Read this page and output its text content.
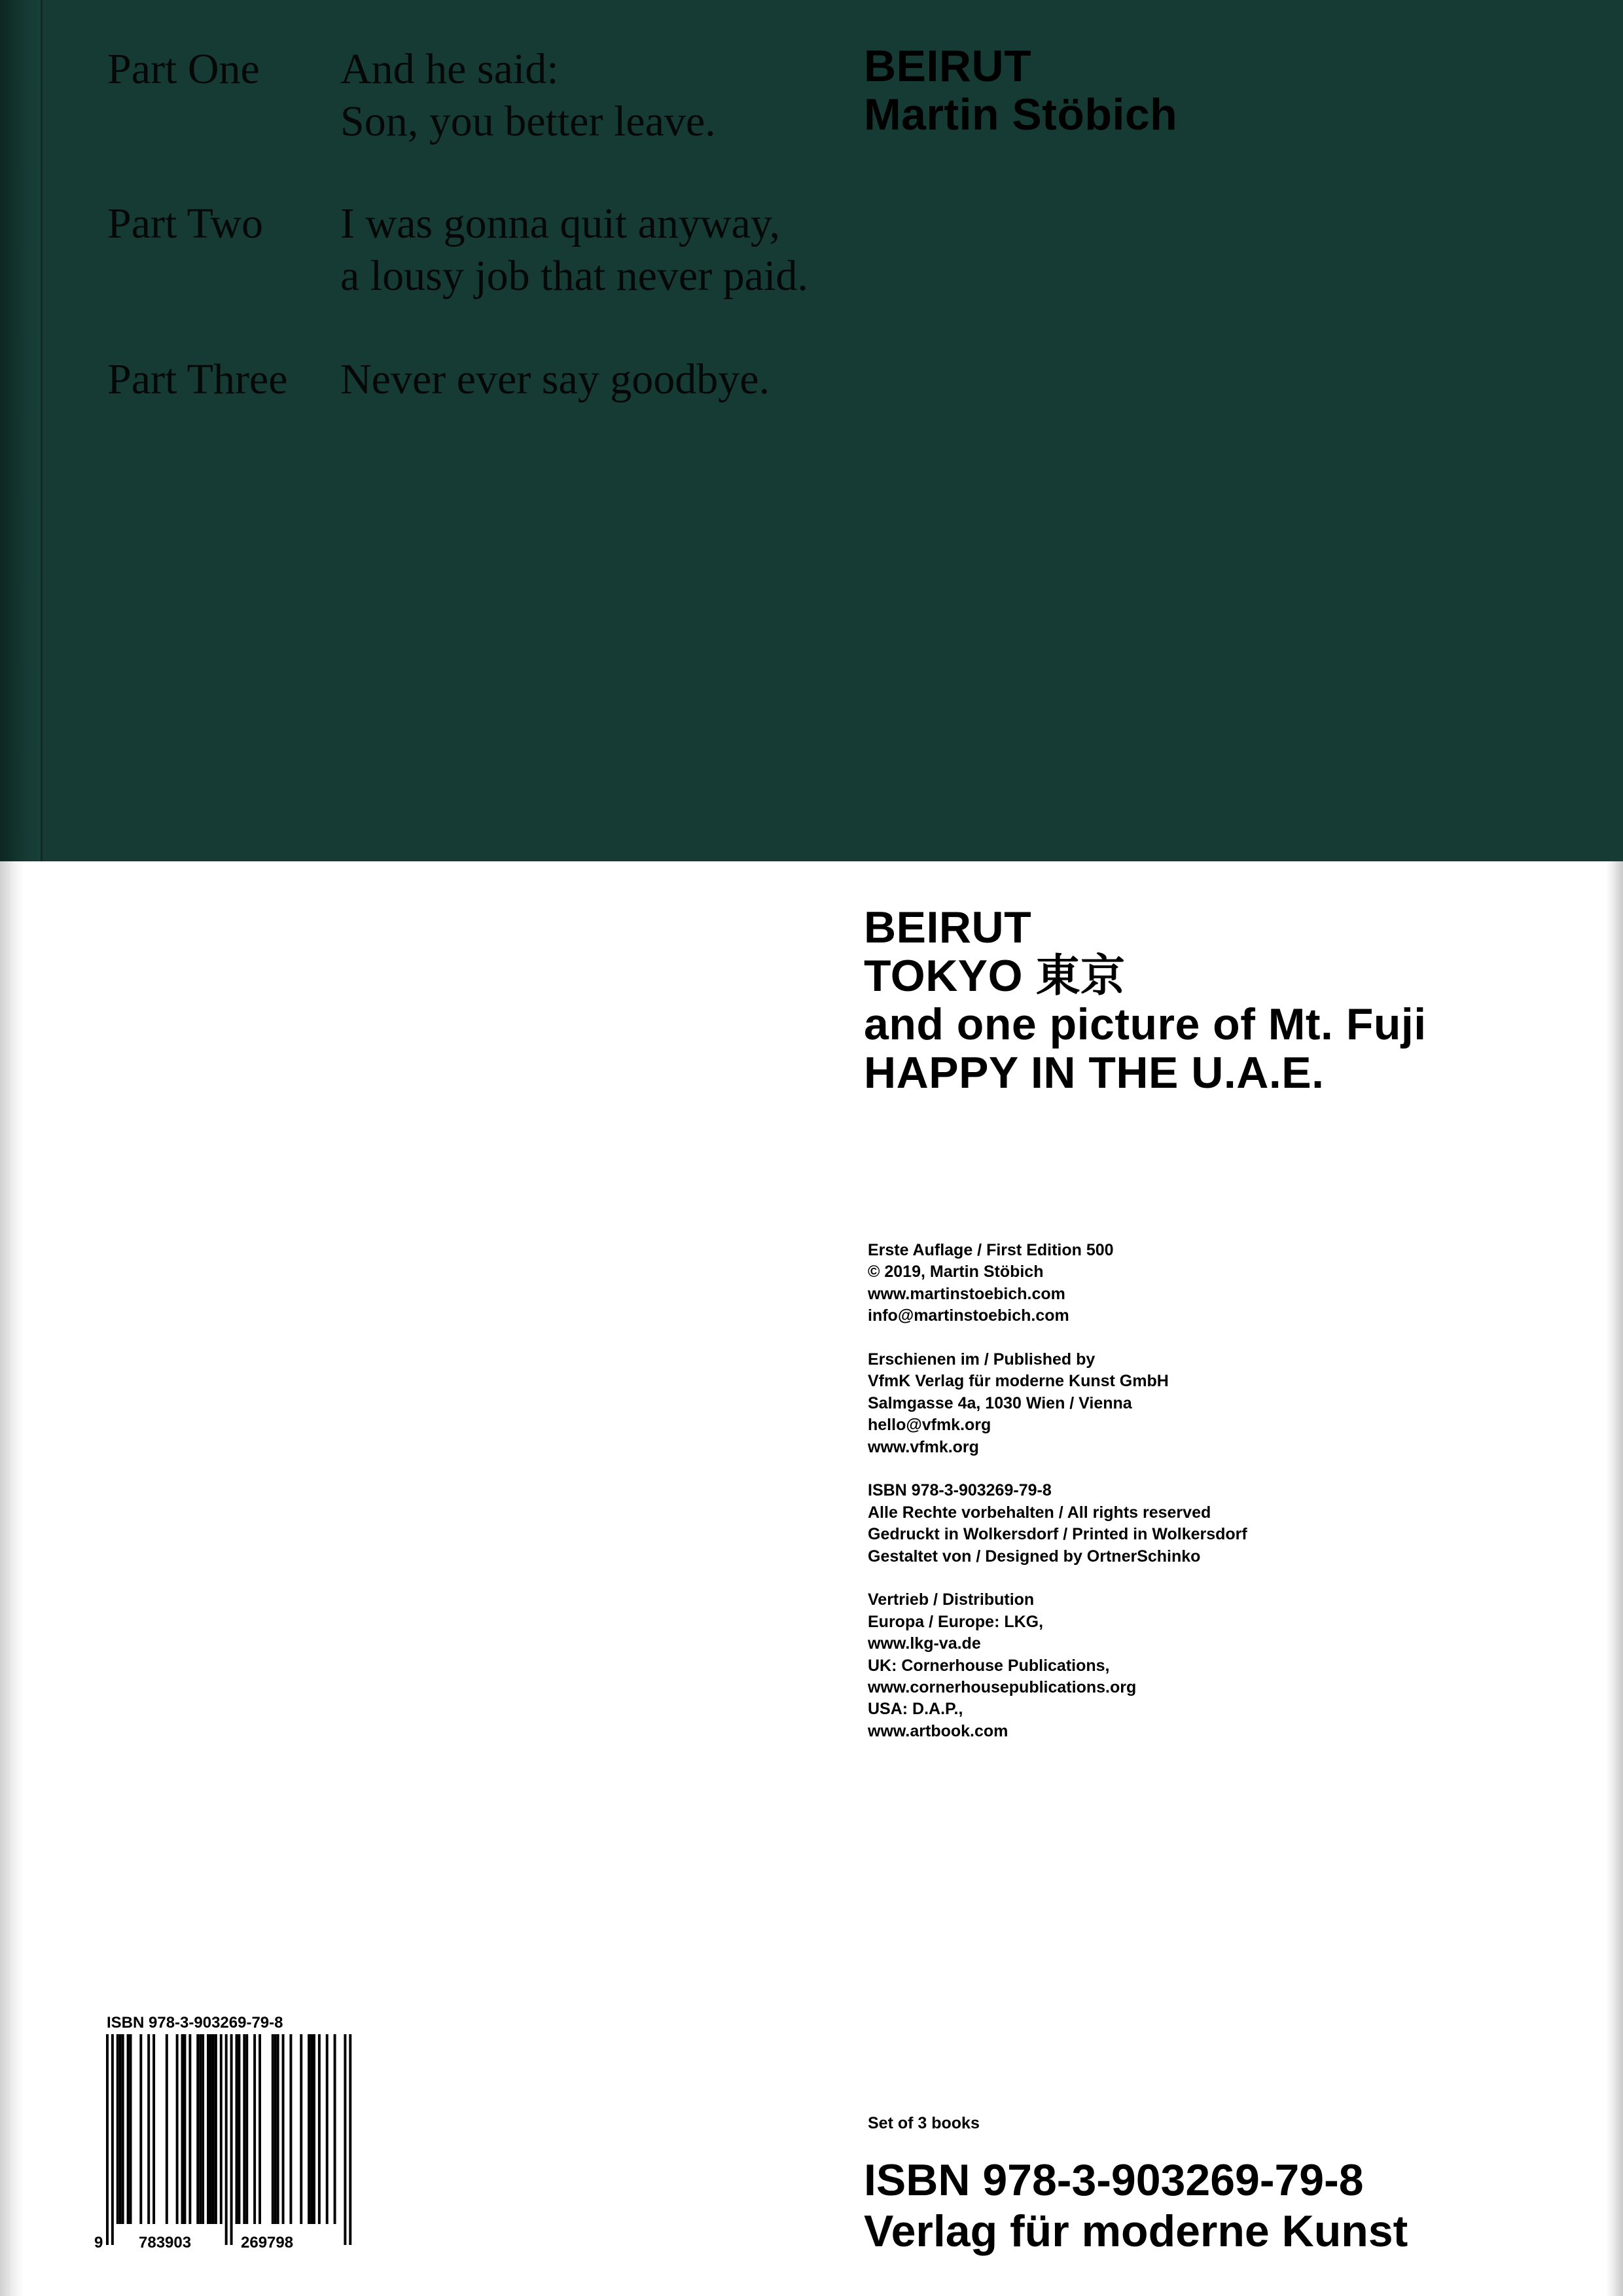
Part One And he said:
Son, you better leave.
Part Two I was gonna quit anyway,
a lousy job that never paid.
Part Three Never ever say goodbye.
BEIRUT
Martin Stöbich
BEIRUT
TOKYO 東京
and one picture of Mt. Fuji
HAPPY IN THE U.A.E.
Erste Auflage / First Edition 500
© 2019, Martin Stöbich
www.martinstoebich.com
info@martinstoebich.com
Erschienen im / Published by
VfmK Verlag für moderne Kunst GmbH
Salmgasse 4a, 1030 Wien / Vienna
hello@vfmk.org
www.vfmk.org
ISBN 978-3-903269-79-8
Alle Rechte vorbehalten / All rights reserved
Gedruckt in Wolkersdorf / Printed in Wolkersdorf
Gestaltet von / Designed by OrtnerSchinko
Vertrieb / Distribution
Europa / Europe: LKG,
www.lkg-va.de
UK: Cornerhouse Publications,
www.cornerhousepublications.org
USA: D.A.P.,
www.artbook.com
ISBN 978-3-903269-79-8
9 783903	269798
Set of 3 books
ISBN 978-3-903269-79-8
Verlag für moderne Kunst
